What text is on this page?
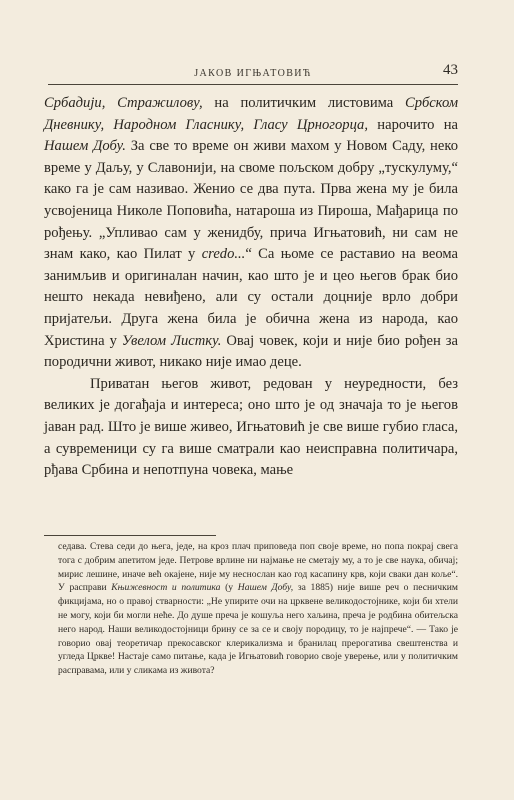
ЈАКОВ ИГЊАТОВИЋ	43

Србадији, Стражилову, на политичким листовима Србском Дневнику, Народном Гласнику, Гласу Црногорца, нарочито на Нашем Добу. За све то време он живи махом у Новом Саду, неко време у Даљу, у Славонији, на своме пољском добру „тускулуму,“ како га је сам називао. Женио се два пута. Прва жена му је била усвојеница Николе Поповића, натароша из Пироша, Мађарица по рођењу. „Упливао сам у женидбу, прича Игњатовић, ни сам не знам како, као Пилат у credo...“ Са њоме се раставио на веома занимљив и оригиналан начин, као што је и цео његов брак био нешто некада невиђено, али су остали доцније врло добри пријатељи. Друга жена била је обична жена из народа, као Христина у Увелом Листку. Овај човек, који и није био рођен за породични живот, никако није имао деце.

Приватан његов живот, редован у неуредности, без великих је догађаја и интереса; оно што је од значаја то је његов јаван рад. Што је више живео, Игњатовић је све више губио гласа, а сувременици су га више сматрали као неисправна политичара, рђава Србина и непотпуна човека, мање

седава. Стева седи до њега, једе, на кроз плач приповеда поп своје време, но попа покрај свега тога с добрим апетитом једе. Петрове врлине ни најмање не сметају му, а то је све наука, обичај; мирис лешине, иначе већ окајене, није му неснослан као год касапину крв, који сваки дан коље“. У расправи Књижевност и политика (у Нашем Добу, за 1885) није више реч о песничким фикцијама, но о правој стварности: „Не упирите очи на црквене великодостојнике, који би хтели не могу, који би могли неће. До душе преча је кошуља него хаљина, преча је родбина обитељска него народ. Наши великодостојници брину се за се и своју породицу, то је најпрече“. — Тако је говорио овај теоретичар прекосавског клерикализма и бранилац прерогатива свештенства и угледа Цркве! Настаје само питање, када је Игњатовић говорио своје уверење, или у политичким расправама, или у сликама из живота?
